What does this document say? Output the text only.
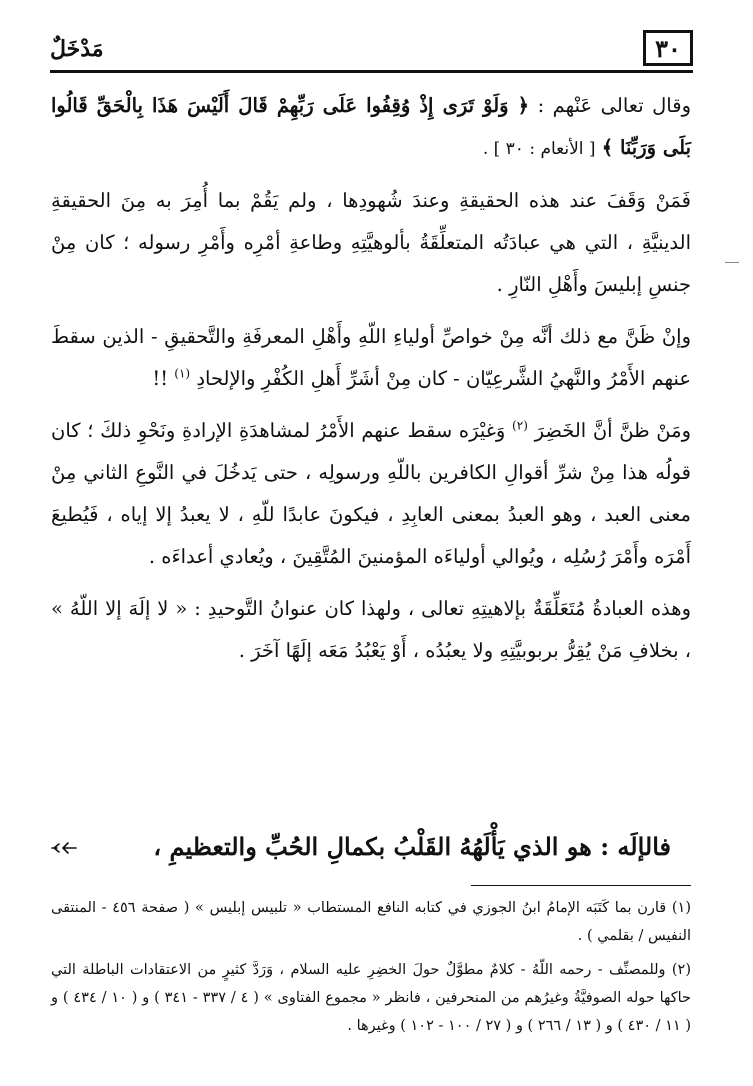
٣٠
مَدْخَلٌ

وقال تعالى عَنْهم : ﴿ وَلَوْ تَرَى إِذْ وُقِفُوا عَلَى رَبِّهِمْ قَالَ أَلَيْسَ هَذَا بِالْحَقِّ قَالُوا بَلَى وَرَبِّنَا ﴾ [ الأنعام : ٣٠ ] .

فَمَنْ وَقَفَ عند هذه الحقيقةِ وعندَ شُهودِها ، ولم يَقُمْ بما أُمِرَ به مِنَ الحقيقةِ الدينيَّةِ ، التي هي عبادَتُه المتعلِّقَةُ بألوهيَّتِهِ وطاعةِ أمْرِه وأَمْرِ رسوله ؛ كان مِنْ جنسِ إبليسَ وأَهْلِ النّارِ .

وإنْ ظَنَّ مع ذلك أنَّه مِنْ خواصِّ أولياءِ اللّهِ وأَهْلِ المعرفَةِ والتَّحقيقِ - الذين سقطَ عنهم الأَمْرُ والنَّهيُ الشَّرعِيّان - كان مِنْ أشَرِّ أَهلِ الكُفْرِ والإلحادِ $^{(١)}$ !!

ومَنْ ظنَّ أنَّ الخَضِرَ $^{(٢)}$ وَغيْرَه سقط عنهم الأَمْرُ لمشاهدَةِ الإرادةِ ونَحْوِ ذلكَ ؛ كان قولُه هذا مِنْ شرِّ أقوالِ الكافرين باللّهِ ورسولِه ، حتى يَدخُلَ في النَّوعِ الثاني مِنْ معنى العبد ، وهو العبدُ بمعنى العابِدِ ، فيكونَ عابدًا للّهِ ، لا يعبدُ إلا إياه ، فَيُطيعَ أَمْرَه وأَمْرَ رُسُلِه ، ويُوالي أولياءَه المؤمنينَ المُتَّقِينَ ، ويُعادي أعداءَه .

وهذه العبادةُ مُتَعَلِّقَةٌ بإلاهيتِهِ تعالى ، ولهذا كان عنوانُ التَّوحيدِ : « لا إلَهَ إلا اللّهُ » ، بخلافِ مَنْ يُقِرُّ بربوبيَّتِهِ ولا يعبُدُه ، أَوْ يَعْبُدُ مَعَه إلَهًا آخَرَ .

فالإلَه : هو الذي يَأْلَهُهُ القَلْبُ بكمالِ الحُبِّ والتعظيمِ ،

(١) قارن بما كَتَبَه الإمامُ ابنُ الجوزي في كتابه النافع المستطاب « تلبيس إبليس » ( صفحة ٤٥٦ - المنتقى النفيس / بقلمي ) .

(٢) وللمصنِّف - رحمه اللّهُ - كلامٌ مطوَّلٌ حولَ الخضِرِ عليه السلام ، وَرَدَّ كثيرٍ من الاعتقادات الباطلة التي حاكها حوله الصوفيَّةُ وغيرُهم من المنحرفين ، فانظر « مجموع الفتاوى » ( ٤ / ٣٣٧ - ٣٤١ ) و ( ١٠ / ٤٣٤ ) و ( ١١ / ٤٣٠ ) و ( ١٣ / ٢٦٦ ) و ( ٢٧ / ١٠٠ - ١٠٢ ) وغيرها .
